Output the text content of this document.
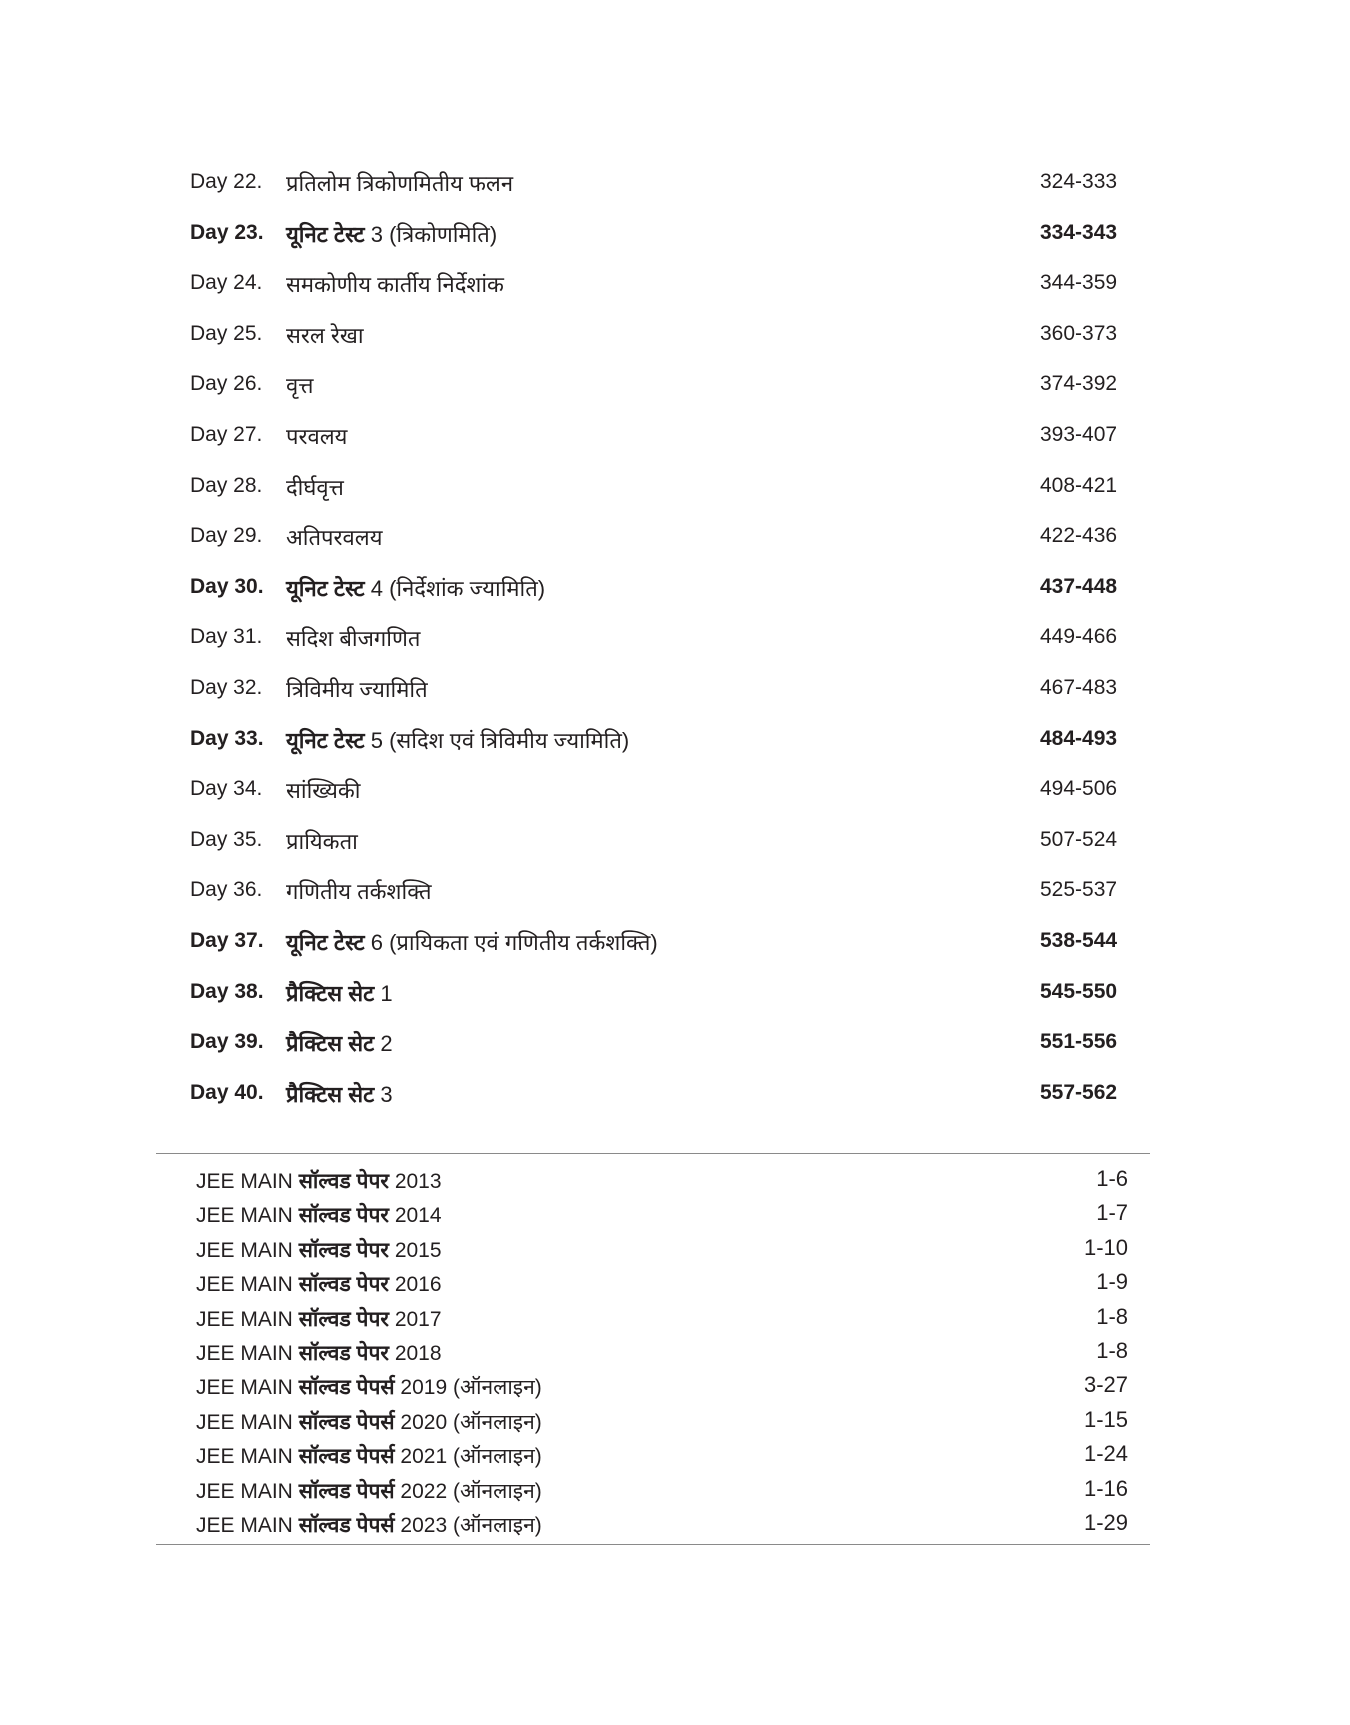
Day 22.	प्रतिलोम त्रिकोणमितीय फलन	324-333
Day 23.	यूनिट टेस्ट 3 (त्रिकोणमिति)	334-343
Day 24.	समकोणीय कार्तीय निर्देशांक	344-359
Day 25.	सरल रेखा	360-373
Day 26.	वृत्त	374-392
Day 27.	परवलय	393-407
Day 28.	दीर्घवृत्त	408-421
Day 29.	अतिपरवलय	422-436
Day 30.	यूनिट टेस्ट 4 (निर्देशांक ज्यामिति)	437-448
Day 31.	सदिश बीजगणित	449-466
Day 32.	त्रिविमीय ज्यामिति	467-483
Day 33.	यूनिट टेस्ट 5 (सदिश एवं त्रिविमीय ज्यामिति)	484-493
Day 34.	सांख्यिकी	494-506
Day 35.	प्रायिकता	507-524
Day 36.	गणितीय तर्कशक्ति	525-537
Day 37.	यूनिट टेस्ट 6 (प्रायिकता एवं गणितीय तर्कशक्ति)	538-544
Day 38.	प्रैक्टिस सेट 1	545-550
Day 39.	प्रैक्टिस सेट 2	551-556
Day 40.	प्रैक्टिस सेट 3	557-562
JEE MAIN सॉल्वड पेपर 2013	1-6
JEE MAIN सॉल्वड पेपर 2014	1-7
JEE MAIN सॉल्वड पेपर 2015	1-10
JEE MAIN सॉल्वड पेपर 2016	1-9
JEE MAIN सॉल्वड पेपर 2017	1-8
JEE MAIN सॉल्वड पेपर 2018	1-8
JEE MAIN सॉल्वड पेपर्स 2019 (ऑनलाइन)	3-27
JEE MAIN सॉल्वड पेपर्स 2020 (ऑनलाइन)	1-15
JEE MAIN सॉल्वड पेपर्स 2021 (ऑनलाइन)	1-24
JEE MAIN सॉल्वड पेपर्स 2022 (ऑनलाइन)	1-16
JEE MAIN सॉल्वड पेपर्स 2023 (ऑनलाइन)	1-29
